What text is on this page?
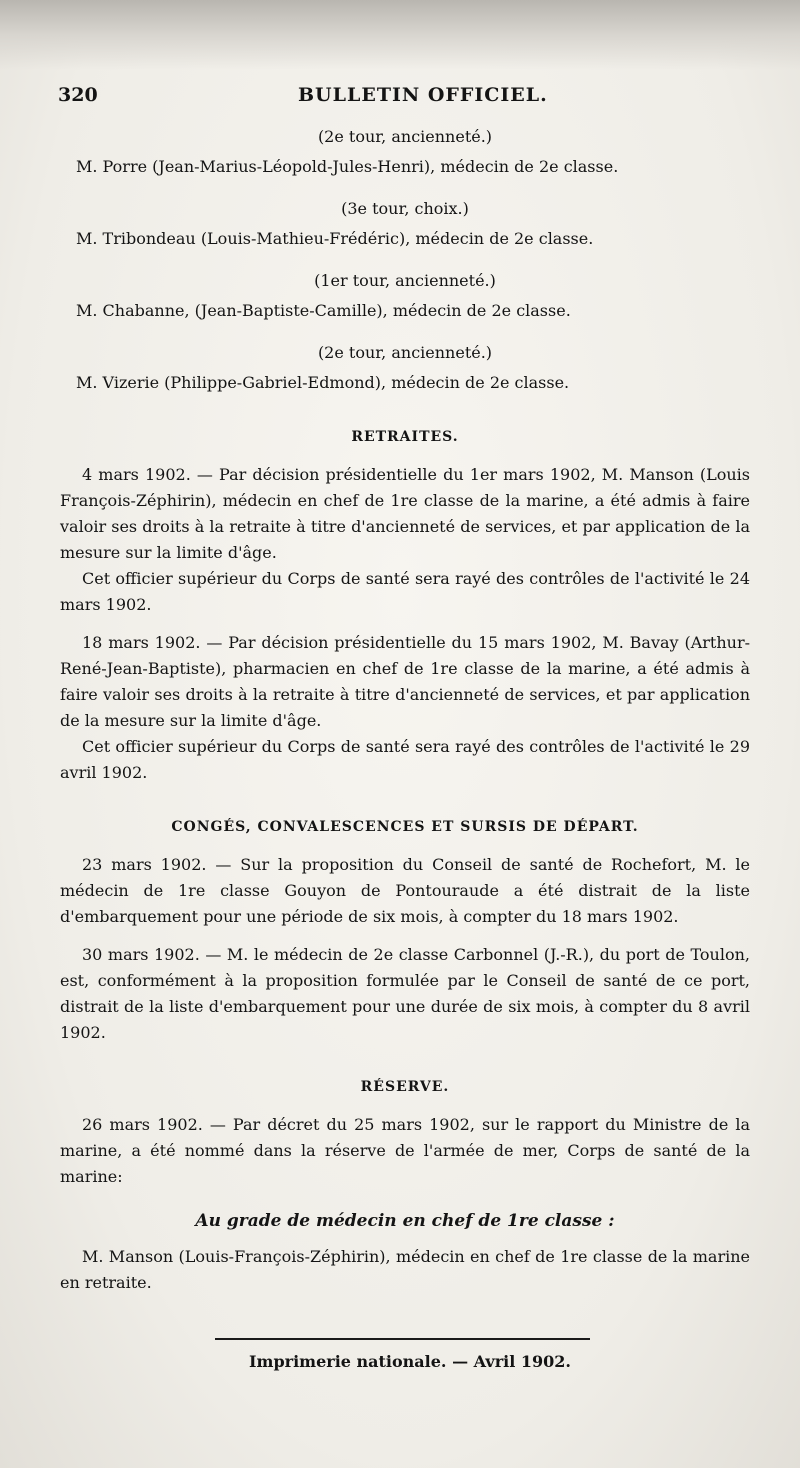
320	BULLETIN OFFICIEL.

(2e tour, ancienneté.)

M. Porre (Jean-Marius-Léopold-Jules-Henri), médecin de 2e classe.

(3e tour, choix.)

M. Tribondeau (Louis-Mathieu-Frédéric), médecin de 2e classe.

(1er tour, ancienneté.)

M. Chabanne, (Jean-Baptiste-Camille), médecin de 2e classe.

(2e tour, ancienneté.)

M. Vizerie (Philippe-Gabriel-Edmond), médecin de 2e classe.

RETRAITES.

4 mars 1902. — Par décision présidentielle du 1er mars 1902, M. Manson (Louis François-Zéphirin), médecin en chef de 1re classe de la marine, a été admis à faire valoir ses droits à la retraite à titre d'ancienneté de services, et par application de la mesure sur la limite d'âge.

Cet officier supérieur du Corps de santé sera rayé des contrôles de l'activité le 24 mars 1902.

18 mars 1902. — Par décision présidentielle du 15 mars 1902, M. Bavay (Arthur-René-Jean-Baptiste), pharmacien en chef de 1re classe de la marine, a été admis à faire valoir ses droits à la retraite à titre d'ancienneté de services, et par application de la mesure sur la limite d'âge.

Cet officier supérieur du Corps de santé sera rayé des contrôles de l'activité le 29 avril 1902.

CONGÉS, CONVALESCENCES ET SURSIS DE DÉPART.

23 mars 1902. — Sur la proposition du Conseil de santé de Rochefort, M. le médecin de 1re classe Gouyon de Pontouraude a été distrait de la liste d'embarquement pour une période de six mois, à compter du 18 mars 1902.

30 mars 1902. — M. le médecin de 2e classe Carbonnel (J.-R.), du port de Toulon, est, conformément à la proposition formulée par le Conseil de santé de ce port, distrait de la liste d'embarquement pour une durée de six mois, à compter du 8 avril 1902.

RÉSERVE.

26 mars 1902. — Par décret du 25 mars 1902, sur le rapport du Ministre de la marine, a été nommé dans la réserve de l'armée de mer, Corps de santé de la marine:

Au grade de médecin en chef de 1re classe :

M. Manson (Louis-François-Zéphirin), médecin en chef de 1re classe de la marine en retraite.

Imprimerie nationale. — Avril 1902.
